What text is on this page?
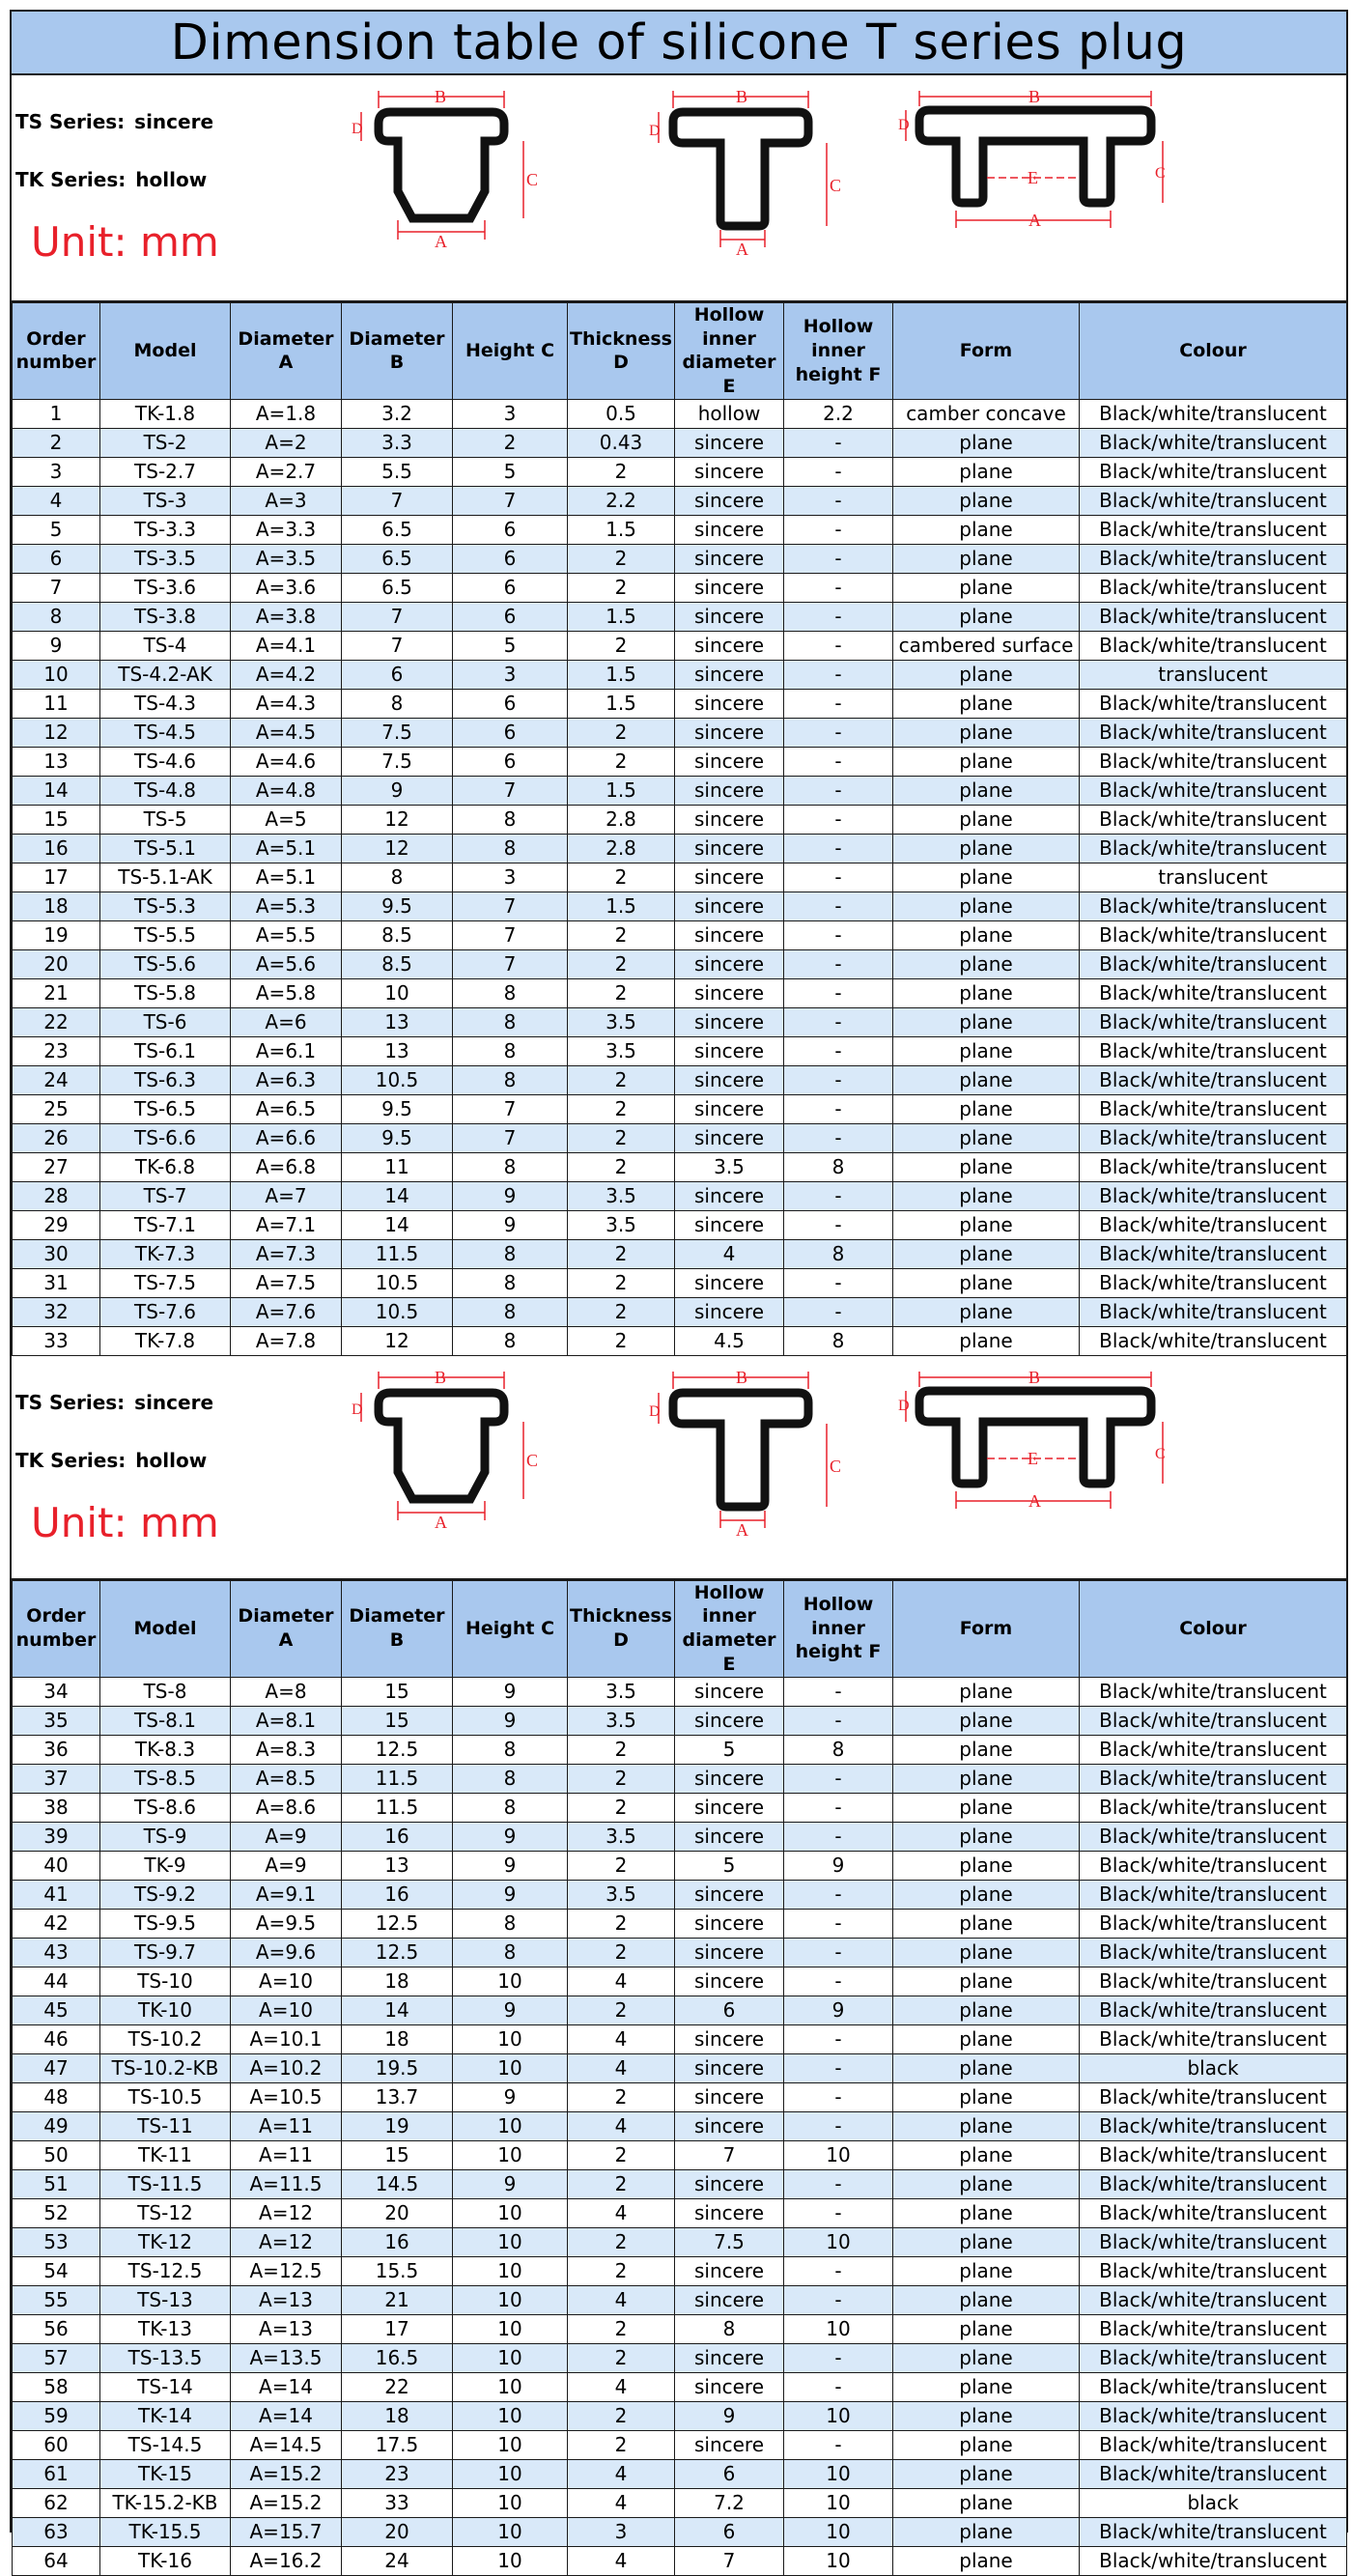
Dimension table of silicone T series plug
TS Series: sincere
TK Series: hollow
Unit: mm
B
D
C
A
B
D
C
A
B
D
C
E
A
Order number	Model	Diameter A	Diameter B	Height C	Thickness D	Hollow inner diameter E	Hollow inner height F	Form	Colour
1	TK-1.8	A=1.8	3.2	3	0.5	hollow	2.2	camber concave	Black/white/translucent
2	TS-2	A=2	3.3	2	0.43	sincere	-	plane	Black/white/translucent
3	TS-2.7	A=2.7	5.5	5	2	sincere	-	plane	Black/white/translucent
4	TS-3	A=3	7	7	2.2	sincere	-	plane	Black/white/translucent
5	TS-3.3	A=3.3	6.5	6	1.5	sincere	-	plane	Black/white/translucent
6	TS-3.5	A=3.5	6.5	6	2	sincere	-	plane	Black/white/translucent
7	TS-3.6	A=3.6	6.5	6	2	sincere	-	plane	Black/white/translucent
8	TS-3.8	A=3.8	7	6	1.5	sincere	-	plane	Black/white/translucent
9	TS-4	A=4.1	7	5	2	sincere	-	cambered surface	Black/white/translucent
10	TS-4.2-AK	A=4.2	6	3	1.5	sincere	-	plane	translucent
11	TS-4.3	A=4.3	8	6	1.5	sincere	-	plane	Black/white/translucent
12	TS-4.5	A=4.5	7.5	6	2	sincere	-	plane	Black/white/translucent
13	TS-4.6	A=4.6	7.5	6	2	sincere	-	plane	Black/white/translucent
14	TS-4.8	A=4.8	9	7	1.5	sincere	-	plane	Black/white/translucent
15	TS-5	A=5	12	8	2.8	sincere	-	plane	Black/white/translucent
16	TS-5.1	A=5.1	12	8	2.8	sincere	-	plane	Black/white/translucent
17	TS-5.1-AK	A=5.1	8	3	2	sincere	-	plane	translucent
18	TS-5.3	A=5.3	9.5	7	1.5	sincere	-	plane	Black/white/translucent
19	TS-5.5	A=5.5	8.5	7	2	sincere	-	plane	Black/white/translucent
20	TS-5.6	A=5.6	8.5	7	2	sincere	-	plane	Black/white/translucent
21	TS-5.8	A=5.8	10	8	2	sincere	-	plane	Black/white/translucent
22	TS-6	A=6	13	8	3.5	sincere	-	plane	Black/white/translucent
23	TS-6.1	A=6.1	13	8	3.5	sincere	-	plane	Black/white/translucent
24	TS-6.3	A=6.3	10.5	8	2	sincere	-	plane	Black/white/translucent
25	TS-6.5	A=6.5	9.5	7	2	sincere	-	plane	Black/white/translucent
26	TS-6.6	A=6.6	9.5	7	2	sincere	-	plane	Black/white/translucent
27	TK-6.8	A=6.8	11	8	2	3.5	8	plane	Black/white/translucent
28	TS-7	A=7	14	9	3.5	sincere	-	plane	Black/white/translucent
29	TS-7.1	A=7.1	14	9	3.5	sincere	-	plane	Black/white/translucent
30	TK-7.3	A=7.3	11.5	8	2	4	8	plane	Black/white/translucent
31	TS-7.5	A=7.5	10.5	8	2	sincere	-	plane	Black/white/translucent
32	TS-7.6	A=7.6	10.5	8	2	sincere	-	plane	Black/white/translucent
33	TK-7.8	A=7.8	12	8	2	4.5	8	plane	Black/white/translucent
TS Series: sincere
TK Series: hollow
Unit: mm
B
D
C
A
B
D
C
A
B
D
C
E
A
Order number	Model	Diameter A	Diameter B	Height C	Thickness D	Hollow inner diameter E	Hollow inner height F	Form	Colour
34	TS-8	A=8	15	9	3.5	sincere	-	plane	Black/white/translucent
35	TS-8.1	A=8.1	15	9	3.5	sincere	-	plane	Black/white/translucent
36	TK-8.3	A=8.3	12.5	8	2	5	8	plane	Black/white/translucent
37	TS-8.5	A=8.5	11.5	8	2	sincere	-	plane	Black/white/translucent
38	TS-8.6	A=8.6	11.5	8	2	sincere	-	plane	Black/white/translucent
39	TS-9	A=9	16	9	3.5	sincere	-	plane	Black/white/translucent
40	TK-9	A=9	13	9	2	5	9	plane	Black/white/translucent
41	TS-9.2	A=9.1	16	9	3.5	sincere	-	plane	Black/white/translucent
42	TS-9.5	A=9.5	12.5	8	2	sincere	-	plane	Black/white/translucent
43	TS-9.7	A=9.6	12.5	8	2	sincere	-	plane	Black/white/translucent
44	TS-10	A=10	18	10	4	sincere	-	plane	Black/white/translucent
45	TK-10	A=10	14	9	2	6	9	plane	Black/white/translucent
46	TS-10.2	A=10.1	18	10	4	sincere	-	plane	Black/white/translucent
47	TS-10.2-KB	A=10.2	19.5	10	4	sincere	-	plane	black
48	TS-10.5	A=10.5	13.7	9	2	sincere	-	plane	Black/white/translucent
49	TS-11	A=11	19	10	4	sincere	-	plane	Black/white/translucent
50	TK-11	A=11	15	10	2	7	10	plane	Black/white/translucent
51	TS-11.5	A=11.5	14.5	9	2	sincere	-	plane	Black/white/translucent
52	TS-12	A=12	20	10	4	sincere	-	plane	Black/white/translucent
53	TK-12	A=12	16	10	2	7.5	10	plane	Black/white/translucent
54	TS-12.5	A=12.5	15.5	10	2	sincere	-	plane	Black/white/translucent
55	TS-13	A=13	21	10	4	sincere	-	plane	Black/white/translucent
56	TK-13	A=13	17	10	2	8	10	plane	Black/white/translucent
57	TS-13.5	A=13.5	16.5	10	2	sincere	-	plane	Black/white/translucent
58	TS-14	A=14	22	10	4	sincere	-	plane	Black/white/translucent
59	TK-14	A=14	18	10	2	9	10	plane	Black/white/translucent
60	TS-14.5	A=14.5	17.5	10	2	sincere	-	plane	Black/white/translucent
61	TK-15	A=15.2	23	10	4	6	10	plane	Black/white/translucent
62	TK-15.2-KB	A=15.2	33	10	4	7.2	10	plane	black
63	TK-15.5	A=15.7	20	10	3	6	10	plane	Black/white/translucent
64	TK-16	A=16.2	24	10	4	7	10	plane	Black/white/translucent
